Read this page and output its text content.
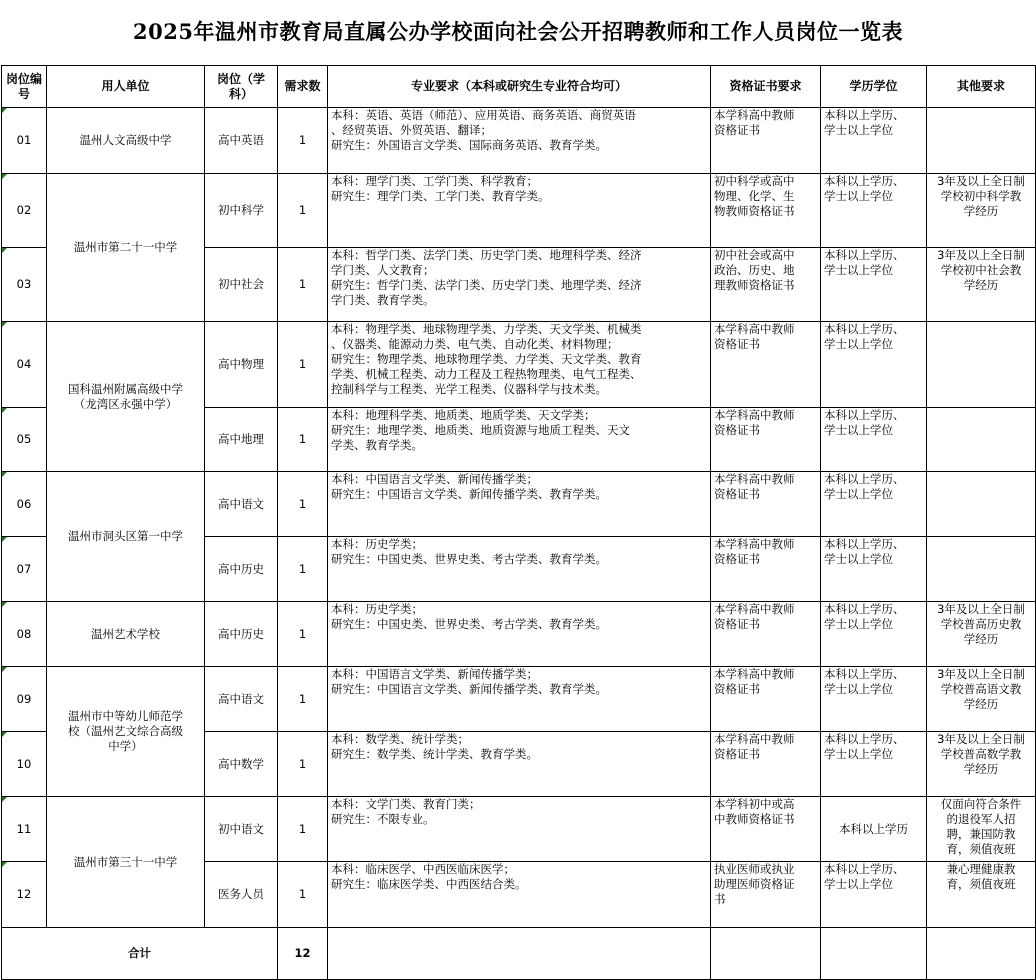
2025年温州市教育局直属公办学校面向社会公开招聘教师和工作人员岗位一览表
岗位编号	用人单位	岗位（学科）	需求数	专业要求（本科或研究生专业符合均可）	资格证书要求	学历学位	其他要求
01	温州人文高级中学	高中英语	1	本科：英语、英语（师范）、应用英语、商务英语、商贸英语
、经贸英语、外贸英语、翻译；
研究生：外国语言文学类、国际商务英语、教育学类。	本学科高中教师
资格证书	本科以上学历、
学士以上学位	

02	温州市第二十一中学	初中科学	1	本科：理学门类、工学门类、科学教育；
研究生：理学门类、工学门类、教育学类。	初中科学或高中
物理、化学、生
物教师资格证书	本科以上学历、
学士以上学位	3年及以上全日制
学校初中科学教
学经历

03		初中社会	1	本科：哲学门类、法学门类、历史学门类、地理科学类、经济
学门类、人文教育；
研究生：哲学门类、法学门类、历史学门类、地理学类、经济
学门类、教育学类。	初中社会或高中
政治、历史、地
理教师资格证书	本科以上学历、
学士以上学位	3年及以上全日制
学校初中社会教
学经历

04	国科温州附属高级中学
（龙湾区永强中学）	高中物理	1	本科：物理学类、地球物理学类、力学类、天文学类、机械类
、仪器类、能源动力类、电气类、自动化类、材料物理；
研究生：物理学类、地球物理学类、力学类、天文学类、教育
学类、机械工程类、动力工程及工程热物理类、电气工程类、
控制科学与工程类、光学工程类、仪器科学与技术类。	本学科高中教师
资格证书	本科以上学历、
学士以上学位	

05		高中地理	1	本科：地理科学类、地质类、地质学类、天文学类；
研究生：地理学类、地质类、地质资源与地质工程类、天文
学类、教育学类。	本学科高中教师
资格证书	本科以上学历、
学士以上学位	

06	温州市洞头区第一中学	高中语文	1	本科：中国语言文学类、新闻传播学类；
研究生：中国语言文学类、新闻传播学类、教育学类。	本学科高中教师
资格证书	本科以上学历、
学士以上学位	

07		高中历史	1	本科：历史学类；
研究生：中国史类、世界史类、考古学类、教育学类。	本学科高中教师
资格证书	本科以上学历、
学士以上学位	

08	温州艺术学校	高中历史	1	本科：历史学类；
研究生：中国史类、世界史类、考古学类、教育学类。	本学科高中教师
资格证书	本科以上学历、
学士以上学位	3年及以上全日制
学校普高历史教
学经历

09	温州市中等幼儿师范学
校（温州艺文综合高级
中学）	高中语文	1	本科：中国语言文学类、新闻传播学类；
研究生：中国语言文学类、新闻传播学类、教育学类。	本学科高中教师
资格证书	本科以上学历、
学士以上学位	3年及以上全日制
学校普高语文教
学经历

10		高中数学	1	本科：数学类、统计学类；
研究生：数学类、统计学类、教育学类。	本学科高中教师
资格证书	本科以上学历、
学士以上学位	3年及以上全日制
学校普高数学教
学经历

11	温州市第三十一中学	初中语文	1	本科：文学门类、教育门类；
研究生：不限专业。	本学科初中或高
中教师资格证书	本科以上学历	仅面向符合条件
的退役军人招
聘，兼国防教
育，须值夜班

12		医务人员	1	本科：临床医学、中西医临床医学；
研究生：临床医学类、中西医结合类。	执业医师或执业
助理医师资格证
书	本科以上学历、
学士以上学位	兼心理健康教
育，须值夜班

合计			12				
